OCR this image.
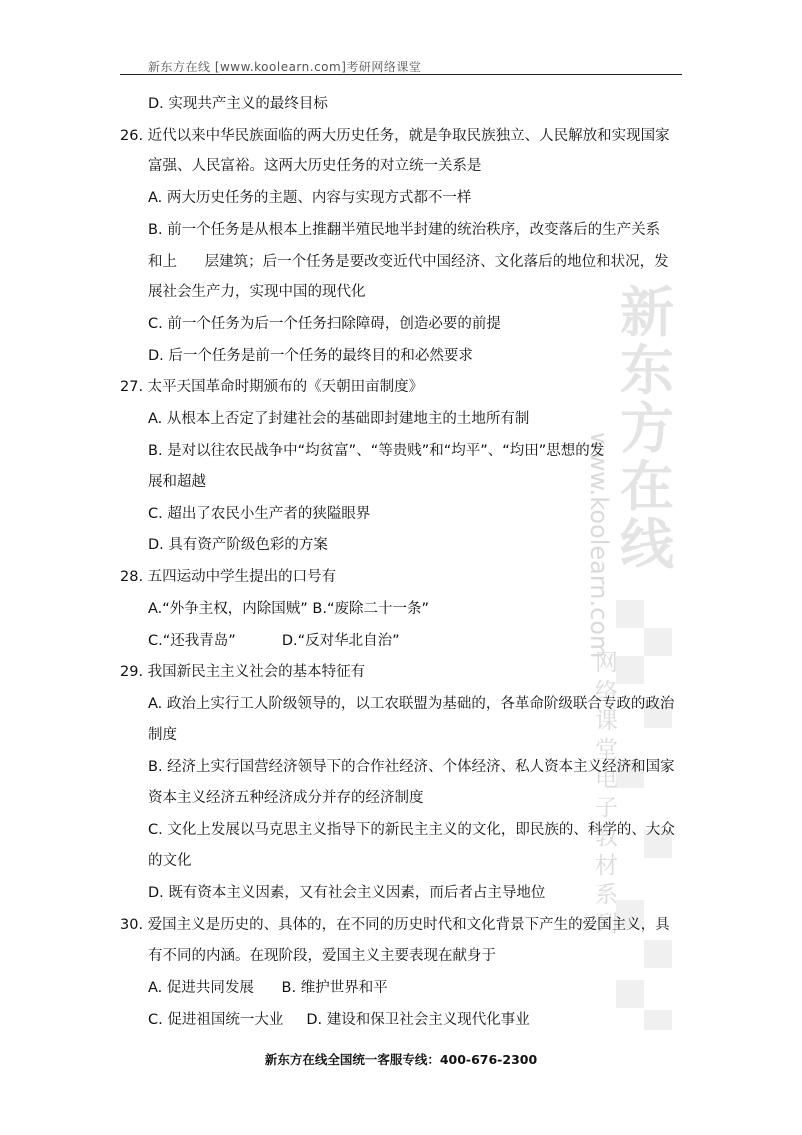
新
东
方
在
线
www.koolearn.com
网络课堂电子教材系列
新东方在线 [www.koolearn.com]考研网络课堂
D. 实现共产主义的最终目标
26. 近代以来中华民族面临的两大历史任务，就是争取民族独立、人民解放和实现国家
富强、人民富裕。这两大历史任务的对立统一关系是
A. 两大历史任务的主题、内容与实现方式都不一样
B. 前一个任务是从根本上推翻半殖民地半封建的统治秩序，改变落后的生产关系
和上      层建筑；后一个任务是要改变近代中国经济、文化落后的地位和状况，发
展社会生产力，实现中国的现代化
C. 前一个任务为后一个任务扫除障碍，创造必要的前提
D. 后一个任务是前一个任务的最终目的和必然要求
27. 太平天国革命时期颁布的《天朝田亩制度》
A. 从根本上否定了封建社会的基础即封建地主的土地所有制
B. 是对以往农民战争中“均贫富”、“等贵贱”和“均平”、“均田”思想的发
展和超越
C. 超出了农民小生产者的狭隘眼界
D. 具有资产阶级色彩的方案
28. 五四运动中学生提出的口号有
A.“外争主权，内除国贼” B.“废除二十一条”
C.“还我青岛”          D.“反对华北自治”
29. 我国新民主主义社会的基本特征有
A. 政治上实行工人阶级领导的，以工农联盟为基础的，各革命阶级联合专政的政治
制度
B. 经济上实行国营经济领导下的合作社经济、个体经济、私人资本主义经济和国家
资本主义经济五种经济成分并存的经济制度
C. 文化上发展以马克思主义指导下的新民主主义的文化，即民族的、科学的、大众
的文化
D. 既有资本主义因素，又有社会主义因素，而后者占主导地位
30. 爱国主义是历史的、具体的，在不同的历史时代和文化背景下产生的爱国主义，具
有不同的内涵。在现阶段，爱国主义主要表现在献身于
A. 促进共同发展      B. 维护世界和平
C. 促进祖国统一大业     D. 建设和保卫社会主义现代化事业
新东方在线全国统一客服专线：400-676-2300
